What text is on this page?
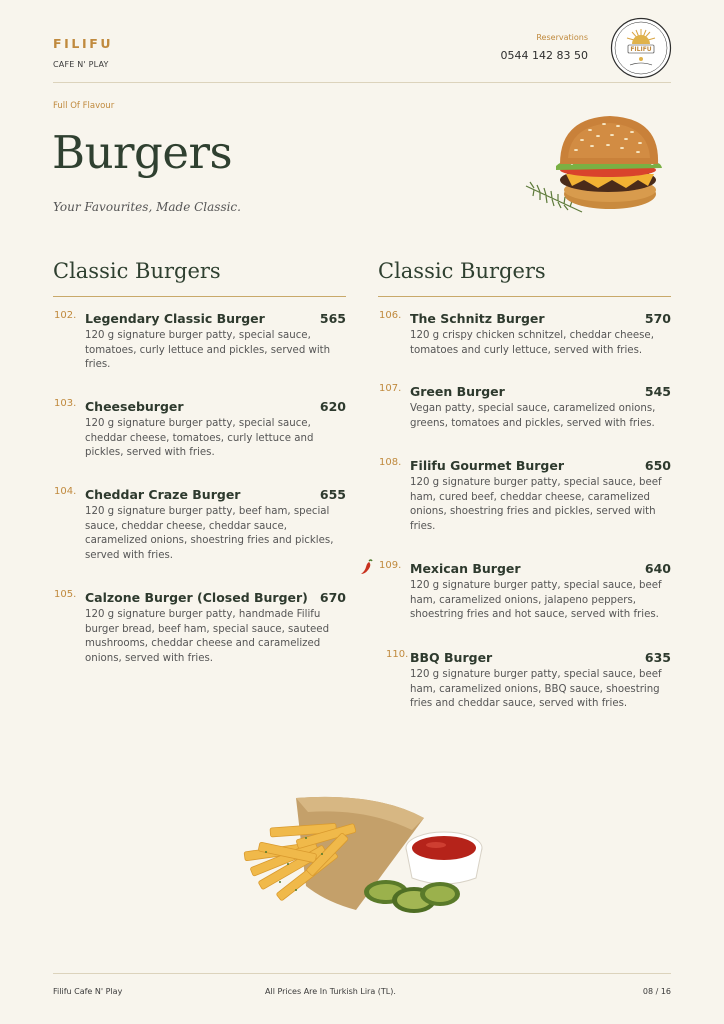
FILIFU
CAFE N' PLAY
Reservations
0544 142 83 50	FILIFU
Full Of Flavour
Burgers
Your Favourites, Made Classic.
Classic Burgers
102. Legendary Classic Burger	565
120 g signature burger patty, special sauce, tomatoes, curly lettuce and pickles, served with fries.
103. Cheeseburger	620
120 g signature burger patty, special sauce, cheddar cheese, tomatoes, curly lettuce and pickles, served with fries.
104. Cheddar Craze Burger	655
120 g signature burger patty, beef ham, special sauce, cheddar cheese, cheddar sauce, caramelized onions, shoestring fries and pickles, served with fries.
105. Calzone Burger (Closed Burger) 670
120 g signature burger patty, handmade Filifu burger bread, beef ham, special sauce, sauteed mushrooms, cheddar cheese and caramelized onions, served with fries.
Classic Burgers
106. The Schnitz Burger	570
120 g crispy chicken schnitzel, cheddar cheese, tomatoes and curly lettuce, served with fries.
107. Green Burger	545
Vegan patty, special sauce, caramelized onions, greens, tomatoes and pickles, served with fries.
108. Filifu Gourmet Burger	650
120 g signature burger patty, special sauce, beef ham, cured beef, cheddar cheese, caramelized onions, shoestring fries and pickles, served with fries.
109. Mexican Burger	640
120 g signature burger patty, special sauce, beef ham, caramelized onions, jalapeno peppers, shoestring fries and hot sauce, served with fries.
110. BBQ Burger	635
120 g signature burger patty, special sauce, beef ham, caramelized onions, BBQ sauce, shoestring fries and cheddar sauce, served with fries.
Filifu Cafe N' Play	All Prices Are In Turkish Lira (TL).	08 / 16
